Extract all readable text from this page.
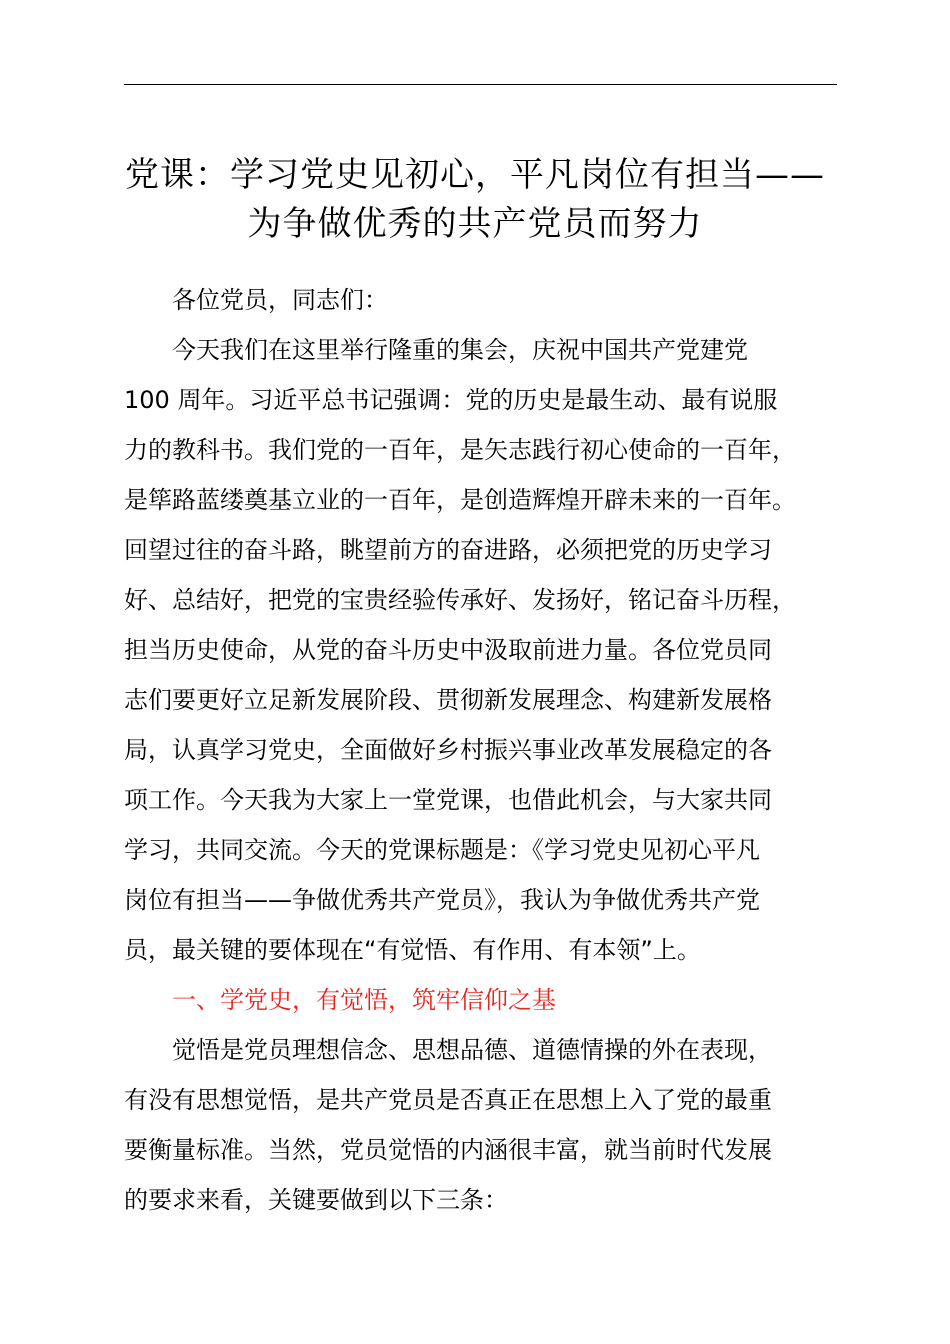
党课：学习党史见初心，平凡岗位有担当——
为争做优秀的共产党员而努力
各位党员，同志们：
今天我们在这里举行隆重的集会，庆祝中国共产党建党
100 周年。习近平总书记强调：党的历史是最生动、最有说服
力的教科书。我们党的一百年，是矢志践行初心使命的一百年，
是筚路蓝缕奠基立业的一百年，是创造辉煌开辟未来的一百年。
回望过往的奋斗路，眺望前方的奋进路，必须把党的历史学习
好、总结好，把党的宝贵经验传承好、发扬好，铭记奋斗历程，
担当历史使命，从党的奋斗历史中汲取前进力量。各位党员同
志们要更好立足新发展阶段、贯彻新发展理念、构建新发展格
局，认真学习党史，全面做好乡村振兴事业改革发展稳定的各
项工作。今天我为大家上一堂党课，也借此机会，与大家共同
学习，共同交流。今天的党课标题是：《学习党史见初心平凡
岗位有担当——争做优秀共产党员》，我认为争做优秀共产党
员，最关键的要体现在“有觉悟、有作用、有本领”上。
一、学党史，有觉悟，筑牢信仰之基
觉悟是党员理想信念、思想品德、道德情操的外在表现，
有没有思想觉悟，是共产党员是否真正在思想上入了党的最重
要衡量标准。当然，党员觉悟的内涵很丰富，就当前时代发展
的要求来看，关键要做到以下三条：
